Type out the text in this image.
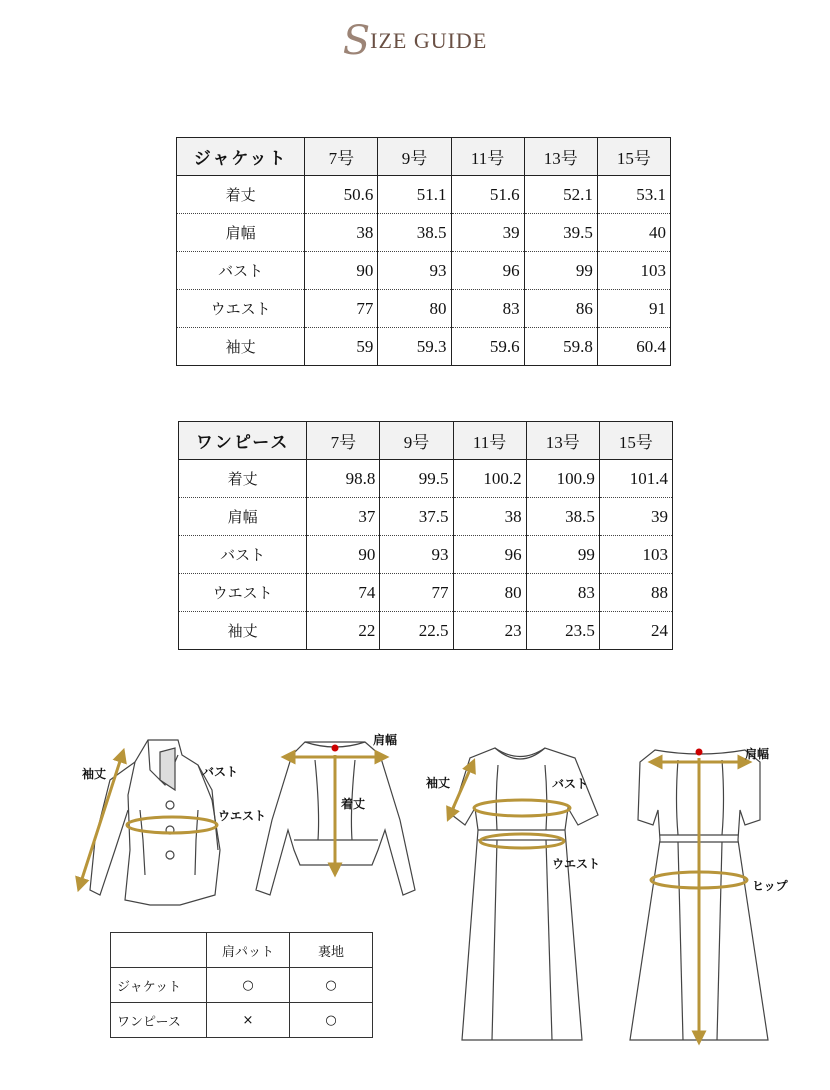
SIZE GUIDE
ジャケット	7号	9号	11号	13号	15号
着丈	50.6	51.1	51.6	52.1	53.1
肩幅	38	38.5	39	39.5	40
バスト	90	93	96	99	103
ウエスト	77	80	83	86	91
袖丈	59	59.3	59.6	59.8	60.4
ワンピース	7号	9号	11号	13号	15号
着丈	98.8	99.5	100.2	100.9	101.4
肩幅	37	37.5	38	38.5	39
バスト	90	93	96	99	103
ウエスト	74	77	80	83	88
袖丈	22	22.5	23	23.5	24
袖丈	バスト
ウエスト
肩幅
着丈
袖丈	バスト
ウエスト
肩幅
ヒップ
	肩パット	裏地
ジャケット	○	○
ワンピース	×	○
